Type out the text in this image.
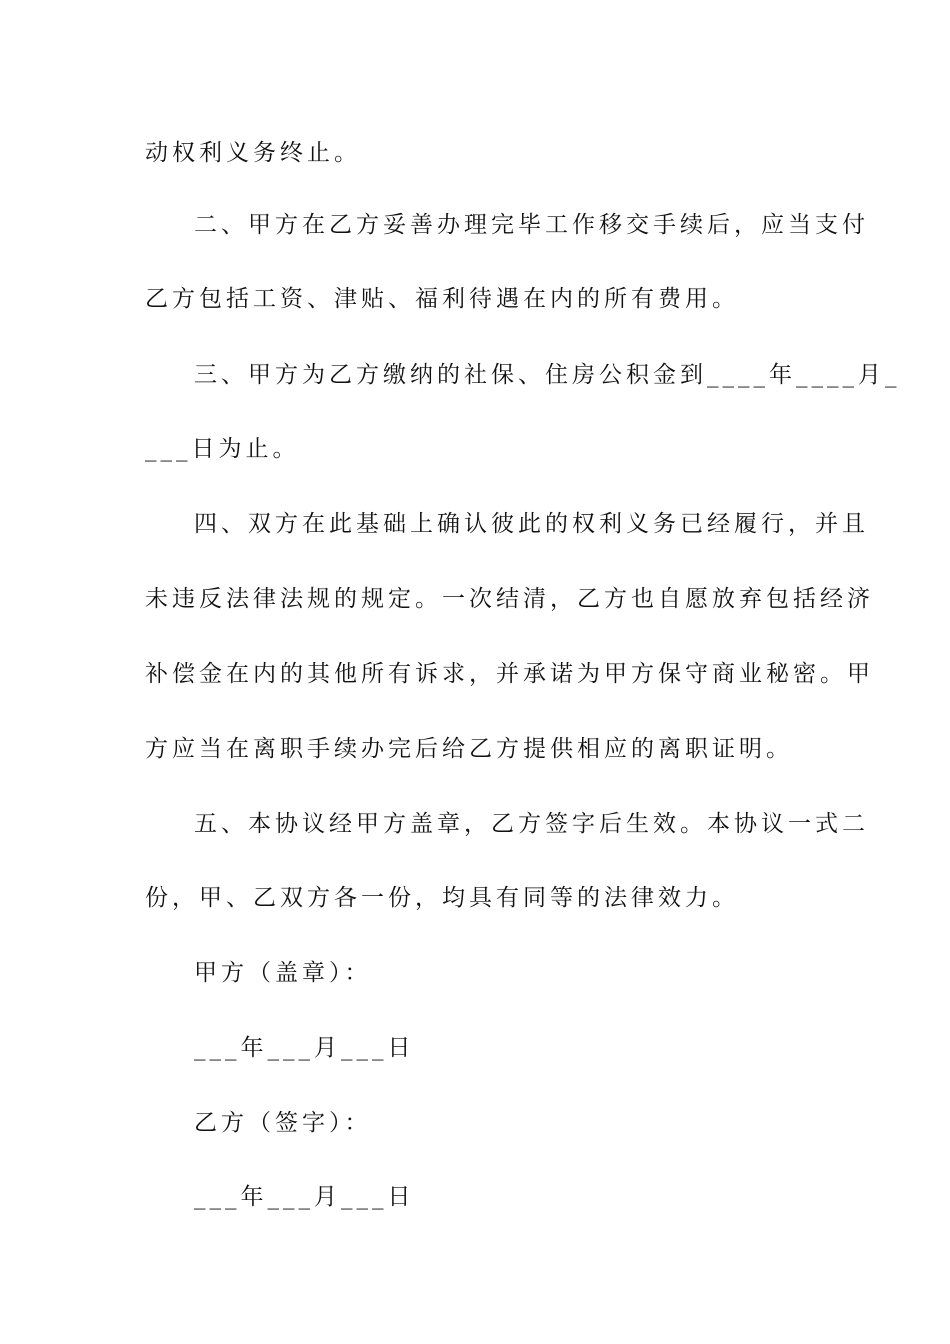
动权利义务终止。
二、甲方在乙方妥善办理完毕工作移交手续后，应当支付
乙方包括工资、津贴、福利待遇在内的所有费用。
三、甲方为乙方缴纳的社保、住房公积金到____年____月_
___日为止。
四、双方在此基础上确认彼此的权利义务已经履行，并且
未违反法律法规的规定。一次结清，乙方也自愿放弃包括经济
补偿金在内的其他所有诉求，并承诺为甲方保守商业秘密。甲
方应当在离职手续办完后给乙方提供相应的离职证明。
五、本协议经甲方盖章，乙方签字后生效。本协议一式二
份，甲、乙双方各一份，均具有同等的法律效力。
甲方（盖章）：
___年___月___日
乙方（签字）：
___年___月___日
